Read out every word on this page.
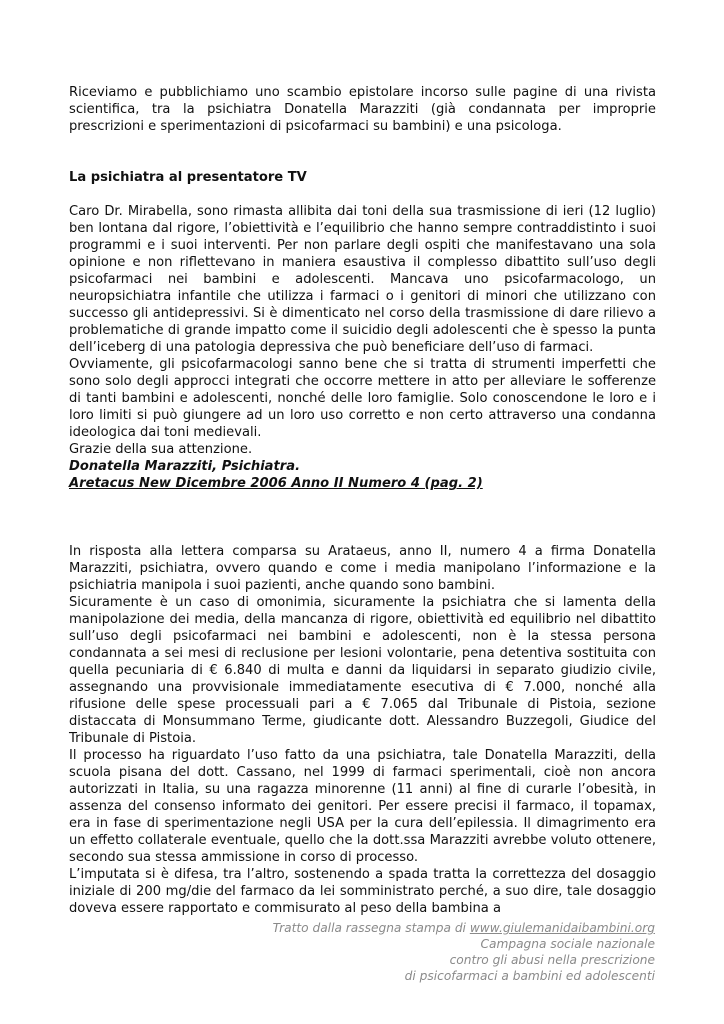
Riceviamo e pubblichiamo uno scambio epistolare incorso sulle pagine di una rivista scientifica, tra la psichiatra Donatella Marazziti (già condannata per improprie prescrizioni e sperimentazioni di psicofarmaci su bambini) e una psicologa.

La psichiatra al presentatore TV

Caro Dr. Mirabella, sono rimasta allibita dai toni della sua trasmissione di ieri (12 luglio) ben lontana dal rigore, l’obiettività e l’equilibrio che hanno sempre contraddistinto i suoi programmi e i suoi interventi. Per non parlare degli ospiti che manifestavano una sola opinione e non riflettevano in maniera esaustiva il complesso dibattito sull’uso degli psicofarmaci nei bambini e adolescenti. Mancava uno psicofarmacologo, un neuropsichiatra infantile che utilizza i farmaci o i genitori di minori che utilizzano con successo gli antidepressivi. Si è dimenticato nel corso della trasmissione di dare rilievo a problematiche di grande impatto come il suicidio degli adolescenti che è spesso la punta dell’iceberg di una patologia depressiva che può beneficiare dell’uso di farmaci.

Ovviamente, gli psicofarmacologi sanno bene che si tratta di strumenti imperfetti che sono solo degli approcci integrati che occorre mettere in atto per alleviare le sofferenze di tanti bambini e adolescenti, nonché delle loro famiglie. Solo conoscendone le loro e i loro limiti si può giungere ad un loro uso corretto e non certo attraverso una condanna ideologica dai toni medievali.

Grazie della sua attenzione.

Donatella Marazziti, Psichiatra.

Aretacus New Dicembre 2006 Anno II Numero 4 (pag. 2)

In risposta alla lettera comparsa su Arataeus, anno II, numero 4 a firma Donatella Marazziti, psichiatra, ovvero quando e come i media manipolano l’informazione e la psichiatria manipola i suoi pazienti, anche quando sono bambini.

Sicuramente è un caso di omonimia, sicuramente la psichiatra che si lamenta della manipolazione dei media, della mancanza di rigore, obiettività ed equilibrio nel dibattito sull’uso degli psicofarmaci nei bambini e adolescenti, non è la stessa persona condannata a sei mesi di reclusione per lesioni volontarie, pena detentiva sostituita con quella pecuniaria di € 6.840 di multa e danni da liquidarsi in separato giudizio civile, assegnando una provvisionale immediatamente esecutiva di € 7.000, nonché alla rifusione delle spese processuali pari a € 7.065 dal Tribunale di Pistoia, sezione distaccata di Monsummano Terme, giudicante dott. Alessandro Buzzegoli, Giudice del Tribunale di Pistoia.

Il processo ha riguardato l’uso fatto da una psichiatra, tale Donatella Marazziti, della scuola pisana del dott. Cassano, nel 1999 di farmaci sperimentali, cioè non ancora autorizzati in Italia, su una ragazza minorenne (11 anni) al fine di curarle l’obesità, in assenza del consenso informato dei genitori. Per essere precisi il farmaco, il topamax, era in fase di sperimentazione negli USA per la cura dell’epilessia. Il dimagrimento era un effetto collaterale eventuale, quello che la dott.ssa Marazziti avrebbe voluto ottenere, secondo sua stessa ammissione in corso di processo.

L’imputata si è difesa, tra l’altro, sostenendo a spada tratta la correttezza del dosaggio iniziale di 200 mg/die del farmaco da lei somministrato perché, a suo dire, tale dosaggio doveva essere rapportato e commisurato al peso della bambina a

Tratto dalla rassegna stampa di www.giulemanidaibambini.org
Campagna sociale nazionale
contro gli abusi nella prescrizione
di psicofarmaci a bambini ed adolescenti
